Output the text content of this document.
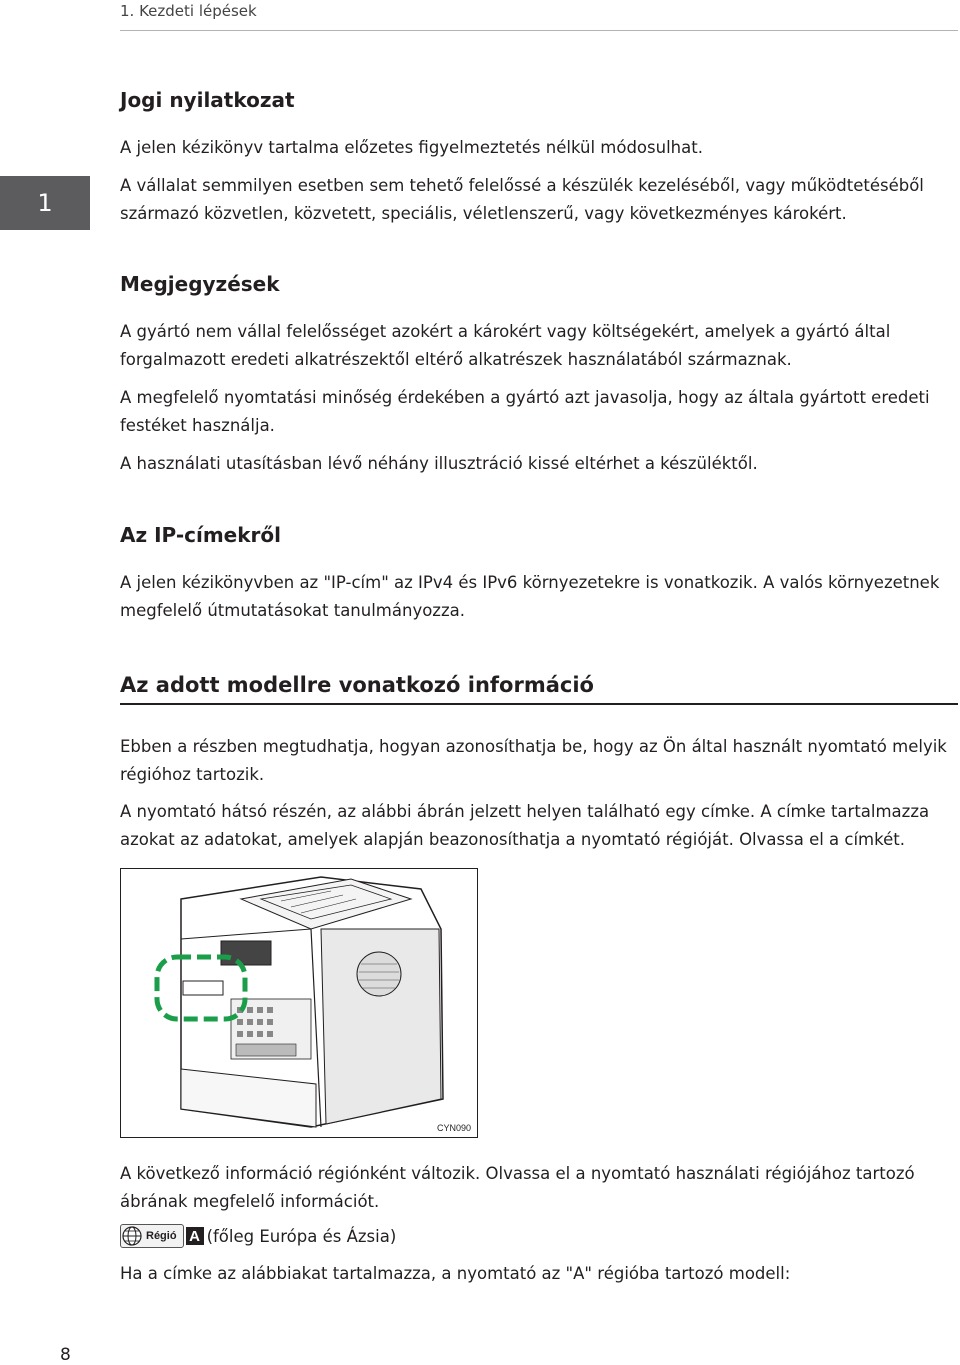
1. Kezdeti lépések
1
Jogi nyilatkozat

A jelen kézikönyv tartalma előzetes figyelmeztetés nélkül módosulhat.

A vállalat semmilyen esetben sem tehető felelőssé a készülék kezeléséből, vagy működtetéséből származó közvetlen, közvetett, speciális, véletlenszerű, vagy következményes károkért.

Megjegyzések

A gyártó nem vállal felelősséget azokért a károkért vagy költségekért, amelyek a gyártó által forgalmazott eredeti alkatrészektől eltérő alkatrészek használatából származnak.

A megfelelő nyomtatási minőség érdekében a gyártó azt javasolja, hogy az általa gyártott eredeti festéket használja.

A használati utasításban lévő néhány illusztráció kissé eltérhet a készüléktől.

Az IP-címekről

A jelen kézikönyvben az "IP-cím" az IPv4 és IPv6 környezetekre is vonatkozik. A valós környezetnek megfelelő útmutatásokat tanulmányozza.

Az adott modellre vonatkozó információ

Ebben a részben megtudhatja, hogyan azonosíthatja be, hogy az Ön által használt nyomtató melyik régióhoz tartozik.

A nyomtató hátsó részén, az alábbi ábrán jelzett helyen található egy címke. A címke tartalmazza azokat az adatokat, amelyek alapján beazonosíthatja a nyomtató régióját. Olvassa el a címkét.

CYN090

A következő információ régiónként változik. Olvassa el a nyomtató használati régiójához tartozó ábrának megfelelő információt.

Régió A (főleg Európa és Ázsia)

Ha a címke az alábbiakat tartalmazza, a nyomtató az "A" régióba tartozó modell:

8
